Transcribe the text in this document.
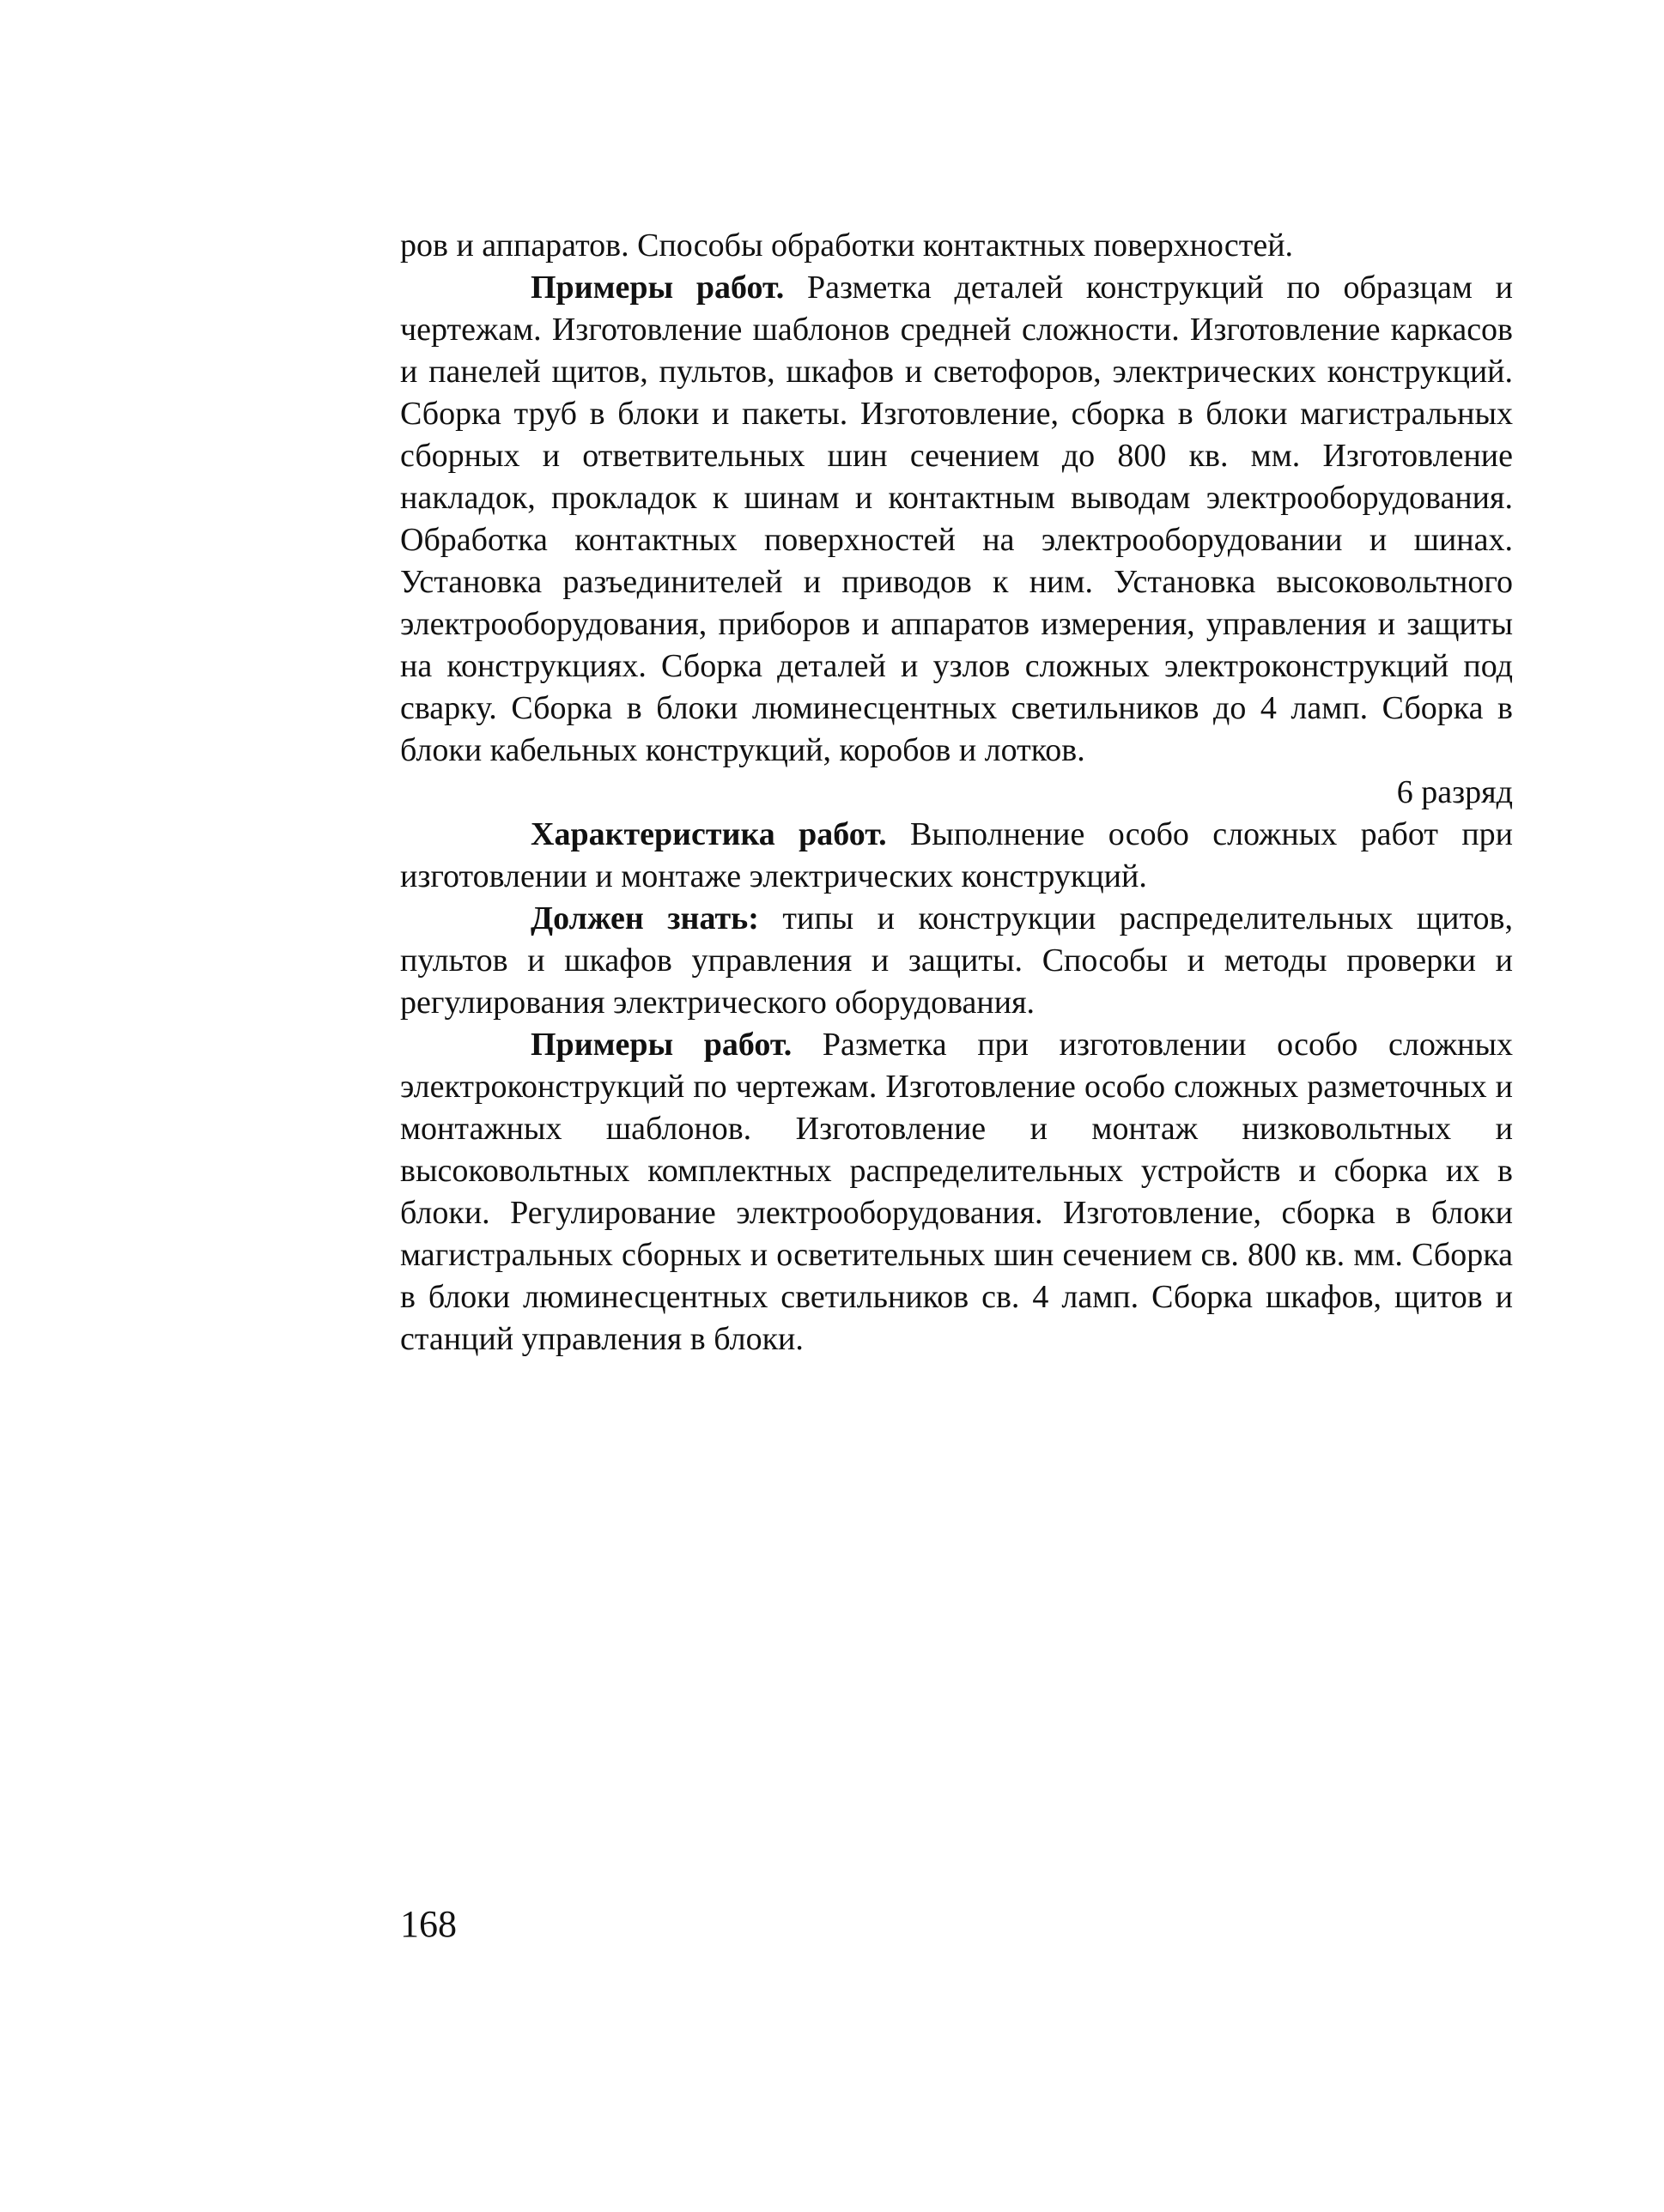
ров и аппаратов. Способы обработки контактных поверхностей.

Примеры работ. Разметка деталей конструкций по образцам и чертежам. Изготовление шаблонов средней сложности. Изготовление каркасов и панелей щитов, пультов, шкафов и светофоров, электрических конструкций. Сборка труб в блоки и пакеты. Изготовление, сборка в блоки магистральных сборных и ответвительных шин сечением до 800 кв. мм. Изготовление накладок, прокладок к шинам и контактным выводам электрооборудования. Обработка контактных поверхностей на электрооборудовании и шинах. Установка разъединителей и приводов к ним. Установка высоковольтного электрооборудования, приборов и аппаратов измерения, управления и защиты на конструкциях. Сборка деталей и узлов сложных электроконструкций под сварку. Сборка в блоки люминесцентных светильников до 4 ламп. Сборка в блоки кабельных конструкций, коробов и лотков.

6 разряд

Характеристика работ. Выполнение особо сложных работ при изготовлении и монтаже электрических конструкций.

Должен знать: типы и конструкции распределительных щитов, пультов и шкафов управления и защиты. Способы и методы проверки и регулирования электрического оборудования.

Примеры работ. Разметка при изготовлении особо сложных электроконструкций по чертежам. Изготовление особо сложных разметочных и монтажных шаблонов. Изготовление и монтаж низковольтных и высоковольтных комплектных распределительных устройств и сборка их в блоки. Регулирование электрооборудования. Изготовление, сборка в блоки магистральных сборных и осветительных шин сечением св. 800 кв. мм. Сборка в блоки люминесцентных светильников св. 4 ламп. Сборка шкафов, щитов и станций управления в блоки.

168
